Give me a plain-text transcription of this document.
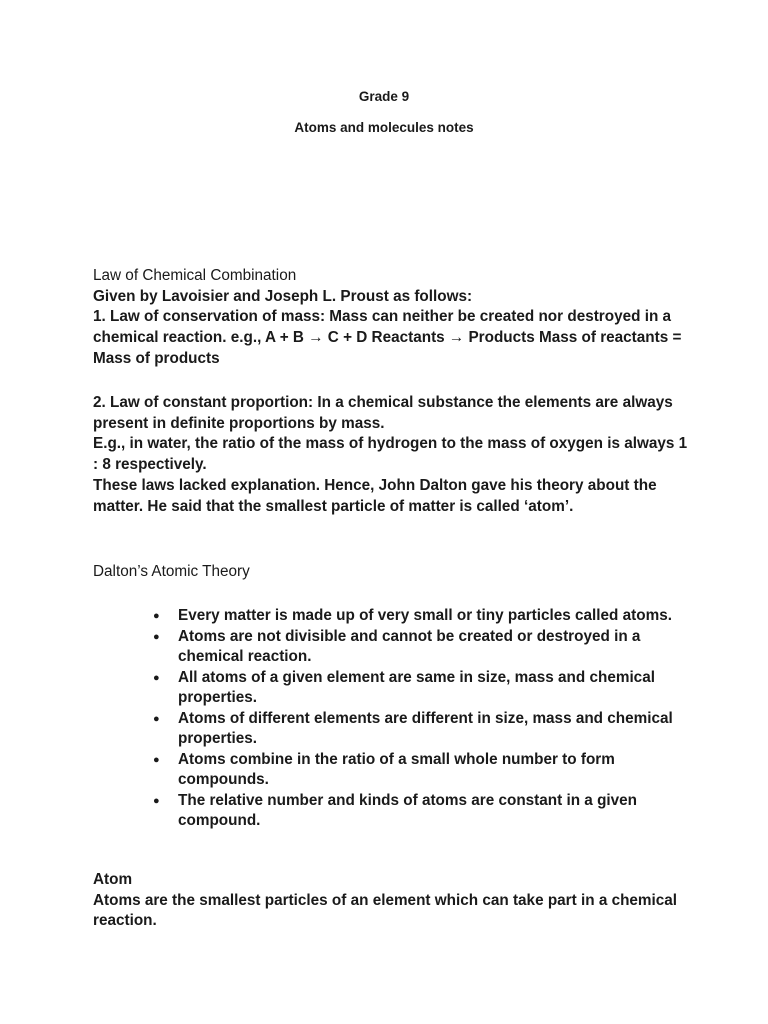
Grade 9
Atoms and molecules notes

Law of Chemical Combination

Given by Lavoisier and Joseph L. Proust as follows:

1. Law of conservation of mass: Mass can neither be created nor destroyed in a chemical reaction. e.g., A + B → C + D Reactants → Products Mass of reactants = Mass of products

2. Law of constant proportion: In a chemical substance the elements are always present in definite proportions by mass.

E.g., in water, the ratio of the mass of hydrogen to the mass of oxygen is always 1 : 8 respectively.

These laws lacked explanation. Hence, John Dalton gave his theory about the matter. He said that the smallest particle of matter is called ‘atom’.

Dalton’s Atomic Theory

● Every matter is made up of very small or tiny particles called atoms.
● Atoms are not divisible and cannot be created or destroyed in a chemical reaction.
● All atoms of a given element are same in size, mass and chemical properties.
● Atoms of different elements are different in size, mass and chemical properties.
● Atoms combine in the ratio of a small whole number to form compounds.
● The relative number and kinds of atoms are constant in a given compound.

Atom

Atoms are the smallest particles of an element which can take part in a chemical reaction.
